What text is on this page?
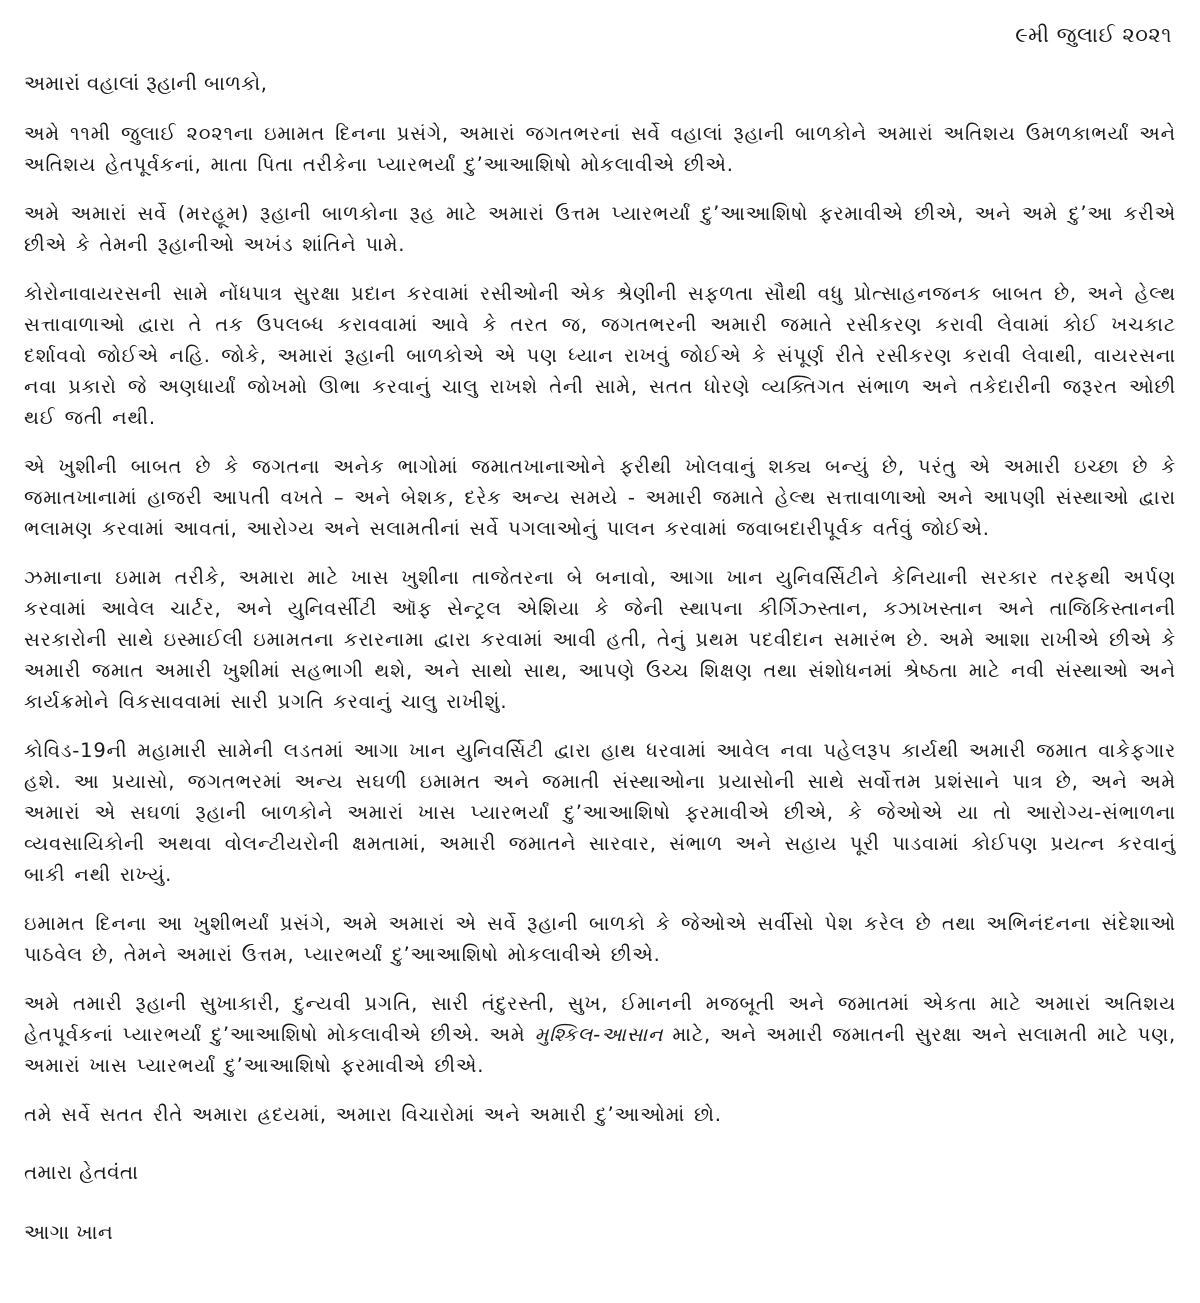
૯મી જુલાઈ ૨૦૨૧
અમારાં વહાલાં રૂહાની બાળકો,

અમે ૧૧મી જુલાઈ ૨૦૨૧ના ઇમામત દિનના પ્રસંગે, અમારાં જગતભરનાં સર્વે વહાલાં રૂહાની બાળકોને અમારાં અતિશય ઉમળકાભર્યાં અને અતિશય હેતપૂર્વકનાં, માતા પિતા તરીકેના પ્યારભર્યાં દુ’આઆશિષો મોકલાવીએ છીએ.

અમે અમારાં સર્વે (મરહૂમ) રૂહાની બાળકોના રૂહ માટે અમારાં ઉત્તમ પ્યારભર્યાં દુ’આઆશિષો ફરમાવીએ છીએ, અને અમે દુ’આ કરીએ છીએ કે તેમની રૂહાનીઓ અખંડ શાંતિને પામે.

કોરોનાવાયરસની સામે નોંધપાત્ર સુરક્ષા પ્રદાન કરવામાં રસીઓની એક શ્રેણીની સફળતા સૌથી વધુ પ્રોત્સાહનજનક બાબત છે, અને હેલ્થ સત્તાવાળાઓ દ્વારા તે તક ઉપલબ્ધ કરાવવામાં આવે કે તરત જ, જગતભરની અમારી જમાતે રસીકરણ કરાવી લેવામાં કોઈ ખચકાટ દર્શાવવો જોઈએ નહિ. જોકે, અમારાં રૂહાની બાળકોએ એ પણ ધ્યાન રાખવું જોઈએ કે સંપૂર્ણ રીતે રસીકરણ કરાવી લેવાથી, વાયરસના નવા પ્રકારો જે અણધાર્યાં જોખમો ઊભા કરવાનું ચાલુ રાખશે તેની સામે, સતત ધોરણે વ્યક્તિગત સંભાળ અને તકેદારીની જરૂરત ઓછી થઈ જતી નથી.

એ ખુશીની બાબત છે કે જગતના અનેક ભાગોમાં જમાતખાનાઓને ફરીથી ખોલવાનું શક્ય બન્યું છે, પરંતુ એ અમારી ઇચ્છા છે કે જમાતખાનામાં હાજરી આપતી વખતે – અને બેશક, દરેક અન્ય સમયે - અમારી જમાતે હેલ્થ સત્તાવાળાઓ અને આપણી સંસ્થાઓ દ્વારા ભલામણ કરવામાં આવતાં, આરોગ્ય અને સલામતીનાં સર્વે પગલાઓનું પાલન કરવામાં જવાબદારીપૂર્વક વર્તવું જોઈએ.

ઝમાનાના ઇમામ તરીકે, અમારા માટે ખાસ ખુશીના તાજેતરના બે બનાવો, આગા ખાન યુનિવર્સિટીને કેનિયાની સરકાર તરફથી અર્પણ કરવામાં આવેલ ચાર્ટર, અને યુનિવર્સીટી ઑફ સેન્ટ્રલ એશિયા કે જેની સ્થાપના કીર્ગિઝ્સ્તાન, કઝાખસ્તાન અને તાજિકિસ્તાનની સરકારોની સાથે ઇસ્માઈલી ઇમામતના કરારનામા દ્વારા કરવામાં આવી હતી, તેનું પ્રથમ પદવીદાન સમારંભ છે. અમે આશા રાખીએ છીએ કે અમારી જમાત અમારી ખુશીમાં સહભાગી થશે, અને સાથો સાથ, આપણે ઉચ્ચ શિક્ષણ તથા સંશોધનમાં શ્રેષ્ઠતા માટે નવી સંસ્થાઓ અને કાર્યક્રમોને વિકસાવવામાં સારી પ્રગતિ કરવાનું ચાલુ રાખીશું.

કોવિડ-19ની મહામારી સામેની લડતમાં આગા ખાન યુનિવર્સિટી દ્વારા હાથ ધરવામાં આવેલ નવા પહેલરૂપ કાર્યથી અમારી જમાત વાકેફગાર હશે. આ પ્રયાસો, જગતભરમાં અન્ય સઘળી ઇમામત અને જમાતી સંસ્થાઓના પ્રયાસોની સાથે સર્વોત્તમ પ્રશંસાને પાત્ર છે, અને અમે અમારાં એ સઘળાં રૂહાની બાળકોને અમારાં ખાસ પ્યારભર્યાં દુ’આઆશિષો ફરમાવીએ છીએ, કે જેઓએ યા તો આરોગ્ય-સંભાળના વ્યવસાયિકોની અથવા વોલન્ટીયરોની ક્ષમતામાં, અમારી જમાતને સારવાર, સંભાળ અને સહાય પૂરી પાડવામાં કોઈપણ પ્રયત્ન કરવાનું બાકી નથી રાખ્યું.

ઇમામત દિનના આ ખુશીભર્યાં પ્રસંગે, અમે અમારાં એ સર્વે રૂહાની બાળકો કે જેઓએ સર્વીસો પેશ કરેલ છે તથા અભિનંદનના સંદેશાઓ પાઠવેલ છે, તેમને અમારાં ઉત્તમ, પ્યારભર્યાં દુ’આઆશિષો મોકલાવીએ છીએ.

અમે તમારી રૂહાની સુખાકારી, દુન્યવી પ્રગતિ, સારી તંદુરસ્તી, સુખ, ઈમાનની મજબૂતી અને જમાતમાં એકતા માટે અમારાં અતિશય હેતપૂર્વકનાં પ્યારભર્યાં દુ’આઆશિષો મોકલાવીએ છીએ. અમે મુશ્કિલ-આસાન માટે, અને અમારી જમાતની સુરક્ષા અને સલામતી માટે પણ, અમારાં ખાસ પ્યારભર્યાં દુ’આઆશિષો ફરમાવીએ છીએ.

તમે સર્વે સતત રીતે અમારા હ્રદયમાં, અમારા વિચારોમાં અને અમારી દુ’આઓમાં છો.

તમારા હેતવંતા
આગા ખાન
